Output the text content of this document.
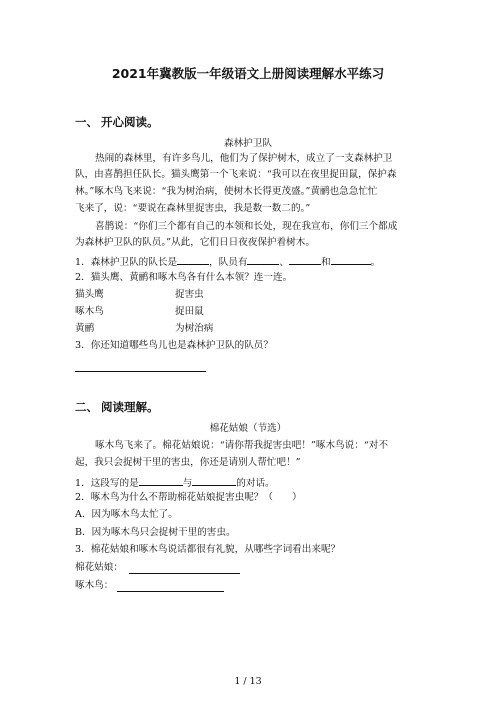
2021年冀教版一年级语文上册阅读理解水平练习
一、 开心阅读。
森林护卫队
热闹的森林里，有许多鸟儿，他们为了保护树木，成立了一支森林护卫
队，由喜鹊担任队长。猫头鹰第一个飞来说：“我可以在夜里捉田鼠，保护森
林。”啄木鸟飞来说：“我为树治病，使树木长得更茂盛。”黄鹂也急急忙忙
飞来了，说：“要说在森林里捉害虫，我是数一数二的。”
喜鹊说：“你们三个都有自己的本领和长处，现在我宣布，你们三个都成
为森林护卫队的队员。”从此，它们日日夜夜保护着树木。
1．森林护卫队的队长是	，队员有	、	和	。
2．猫头鹰、黄鹂和啄木鸟各有什么本领？连一连。
猫头鹰	捉害虫
啄木鸟	捉田鼠
黄鹂	为树治病
3．你还知道哪些鸟儿也是森林护卫队的队员？
二、 阅读理解。
棉花姑娘（节选）
啄木鸟飞来了。棉花姑娘说：“请你帮我捉害虫吧！”啄木鸟说：“对不
起，我只会捉树干里的害虫，你还是请别人帮忙吧！”
1．这段写的是	与	的对话。
2．啄木鸟为什么不帮助棉花姑娘捉害虫呢？（　　）
A．因为啄木鸟太忙了。
B．因为啄木鸟只会捉树干里的害虫。
3．棉花姑娘和啄木鸟说话都很有礼貌，从哪些字词看出来呢？
棉花姑娘：
啄木鸟：
1 / 13
